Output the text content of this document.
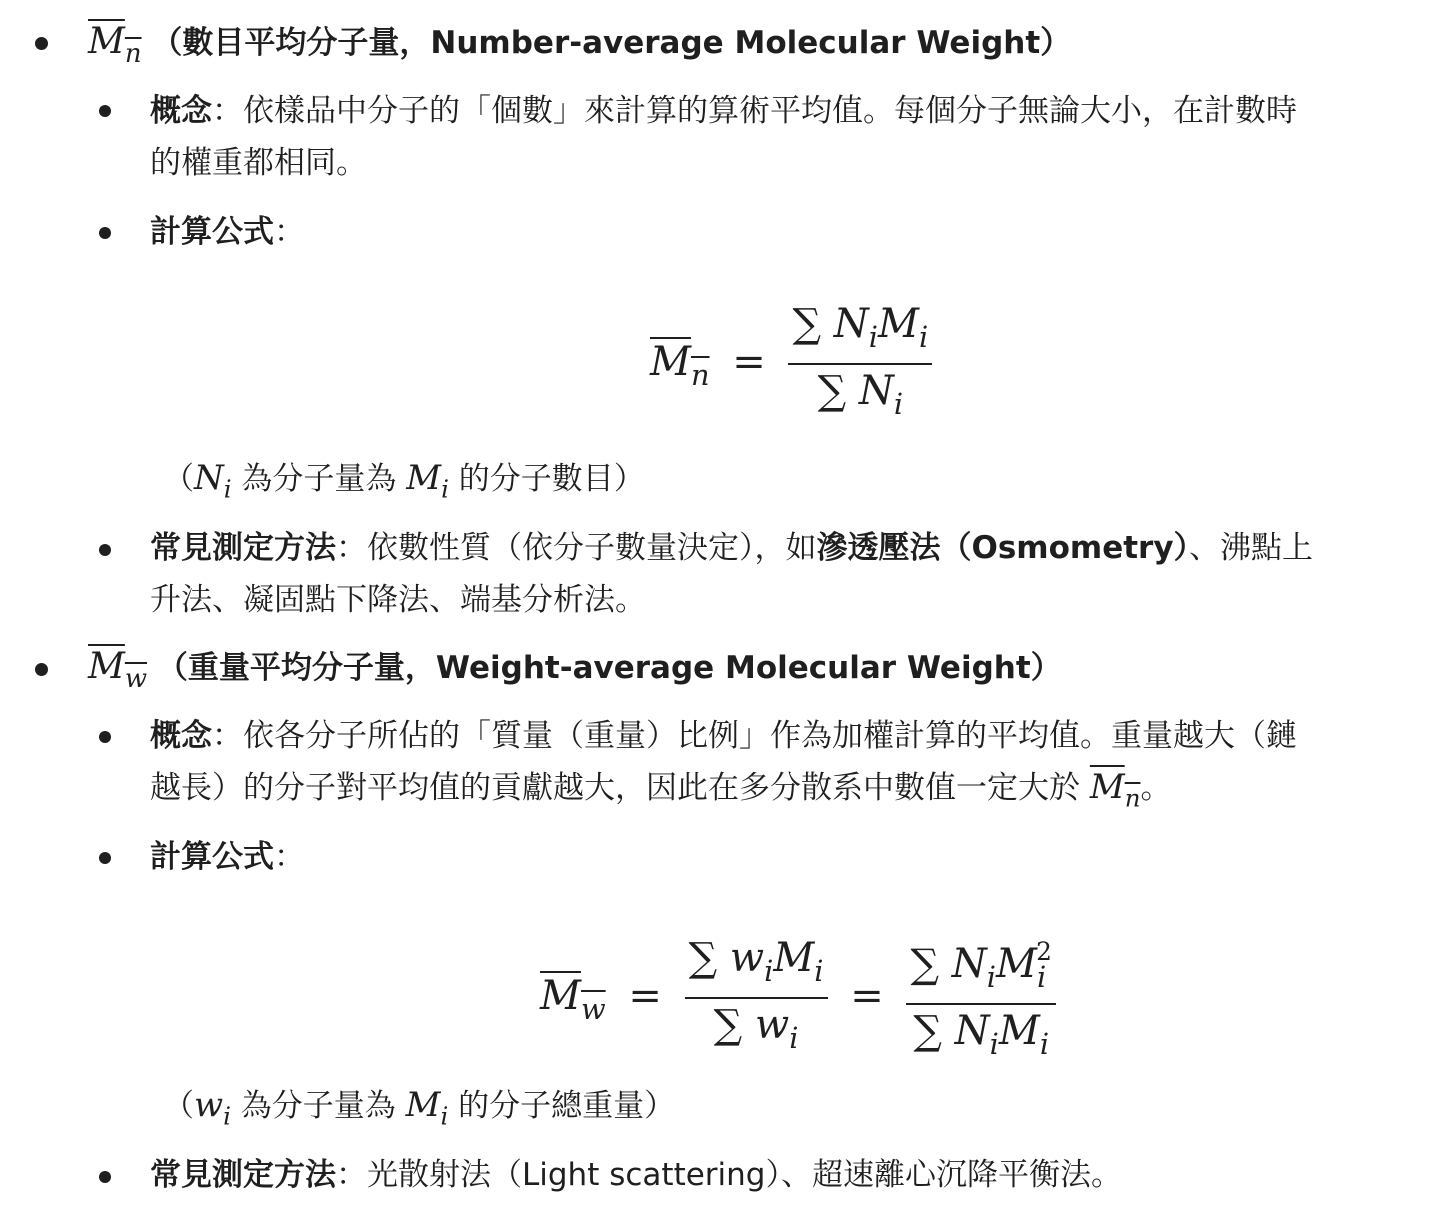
$M_n$ （數目平均分子量，Number-average Molecular Weight）
概念：依樣品中分子的「個數」來計算的算術平均值。每個分子無論大小，在計數時
的權重都相同。
計算公式：
$M_n = \frac{\sum N_iM_i}{\sum N_i}$
（$N_i$ 為分子量為 $M_i$ 的分子數目）
常見測定方法：依數性質（依分子數量決定），如滲透壓法（Osmometry）、沸點上
升法、凝固點下降法、端基分析法。
$M_w$ （重量平均分子量，Weight-average Molecular Weight）
概念：依各分子所佔的「質量（重量）比例」作為加權計算的平均值。重量越大（鏈
越長）的分子對平均值的貢獻越大，因此在多分散系中數值一定大於 $M_n$。
計算公式：
$M_w = \frac{\sum w_iM_i}{\sum w_i} = \frac{\sum N_iM_i^2}{\sum N_iM_i}$
（$w_i$ 為分子量為 $M_i$ 的分子總重量）
常見測定方法：光散射法（Light scattering）、超速離心沉降平衡法。
